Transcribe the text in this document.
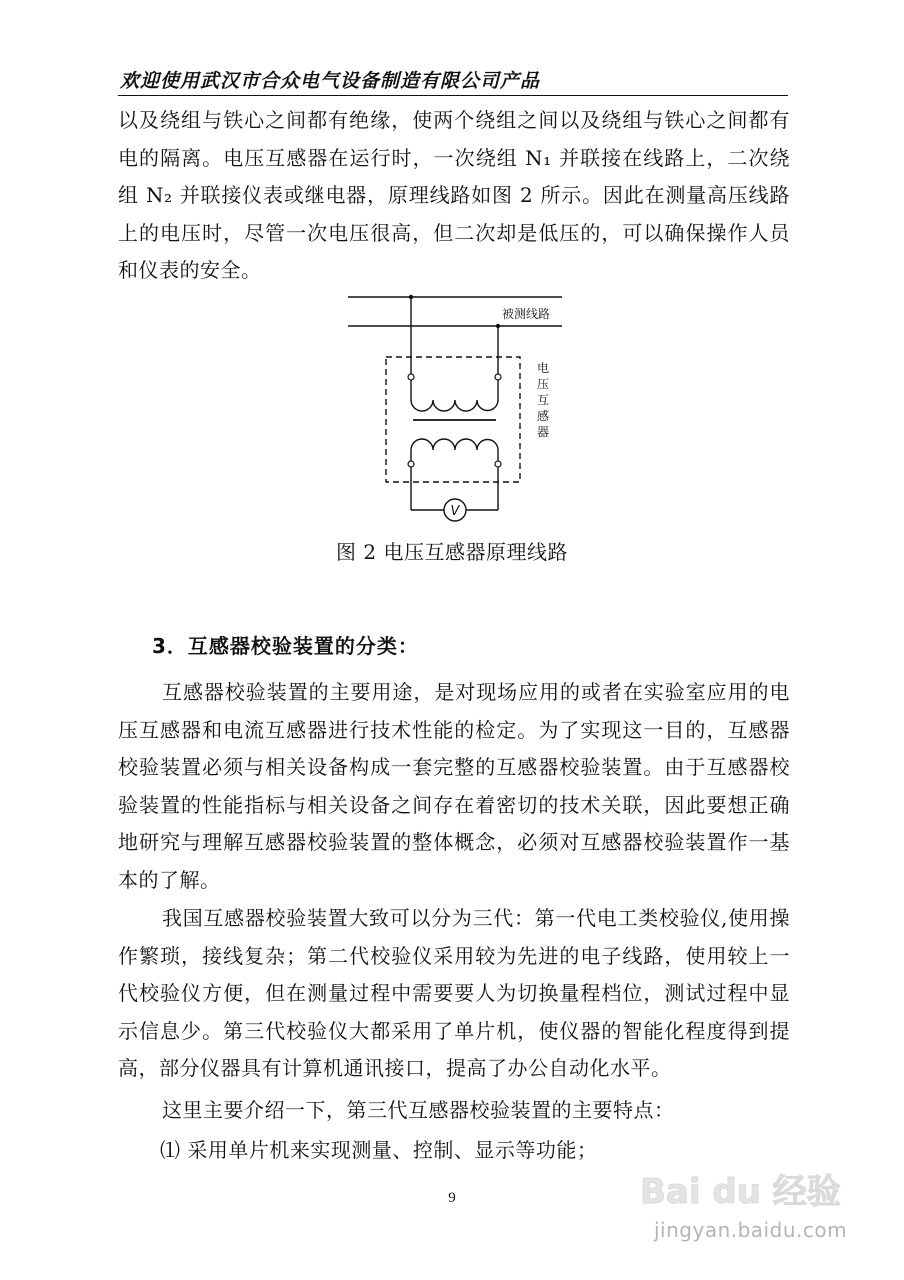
欢迎使用武汉市合众电气设备制造有限公司产品

以及绕组与铁心之间都有绝缘，使两个绕组之间以及绕组与铁心之间都有电的隔离。电压互感器在运行时，一次绕组 N₁ 并联接在线路上，二次绕组 N₂ 并联接仪表或继电器，原理线路如图 2 所示。因此在测量高压线路上的电压时，尽管一次电压很高，但二次却是低压的，可以确保操作人员和仪表的安全。

被测线路
电
压
互
感
器
V
图 2 电压互感器原理线路
3．互感器校验装置的分类：

互感器校验装置的主要用途，是对现场应用的或者在实验室应用的电压互感器和电流互感器进行技术性能的检定。为了实现这一目的，互感器校验装置必须与相关设备构成一套完整的互感器校验装置。由于互感器校验装置的性能指标与相关设备之间存在着密切的技术关联，因此要想正确地研究与理解互感器校验装置的整体概念，必须对互感器校验装置作一基本的了解。

我国互感器校验装置大致可以分为三代：第一代电工类校验仪,使用操作繁琐，接线复杂；第二代校验仪采用较为先进的电子线路，使用较上一代校验仪方便，但在测量过程中需要要人为切换量程档位，测试过程中显示信息少。第三代校验仪大都采用了单片机，使仪器的智能化程度得到提高，部分仪器具有计算机通讯接口，提高了办公自动化水平。

这里主要介绍一下，第三代互感器校验装置的主要特点：

⑴ 采用单片机来实现测量、控制、显示等功能；
9	Bai du 经验
jingyan.baidu.com
